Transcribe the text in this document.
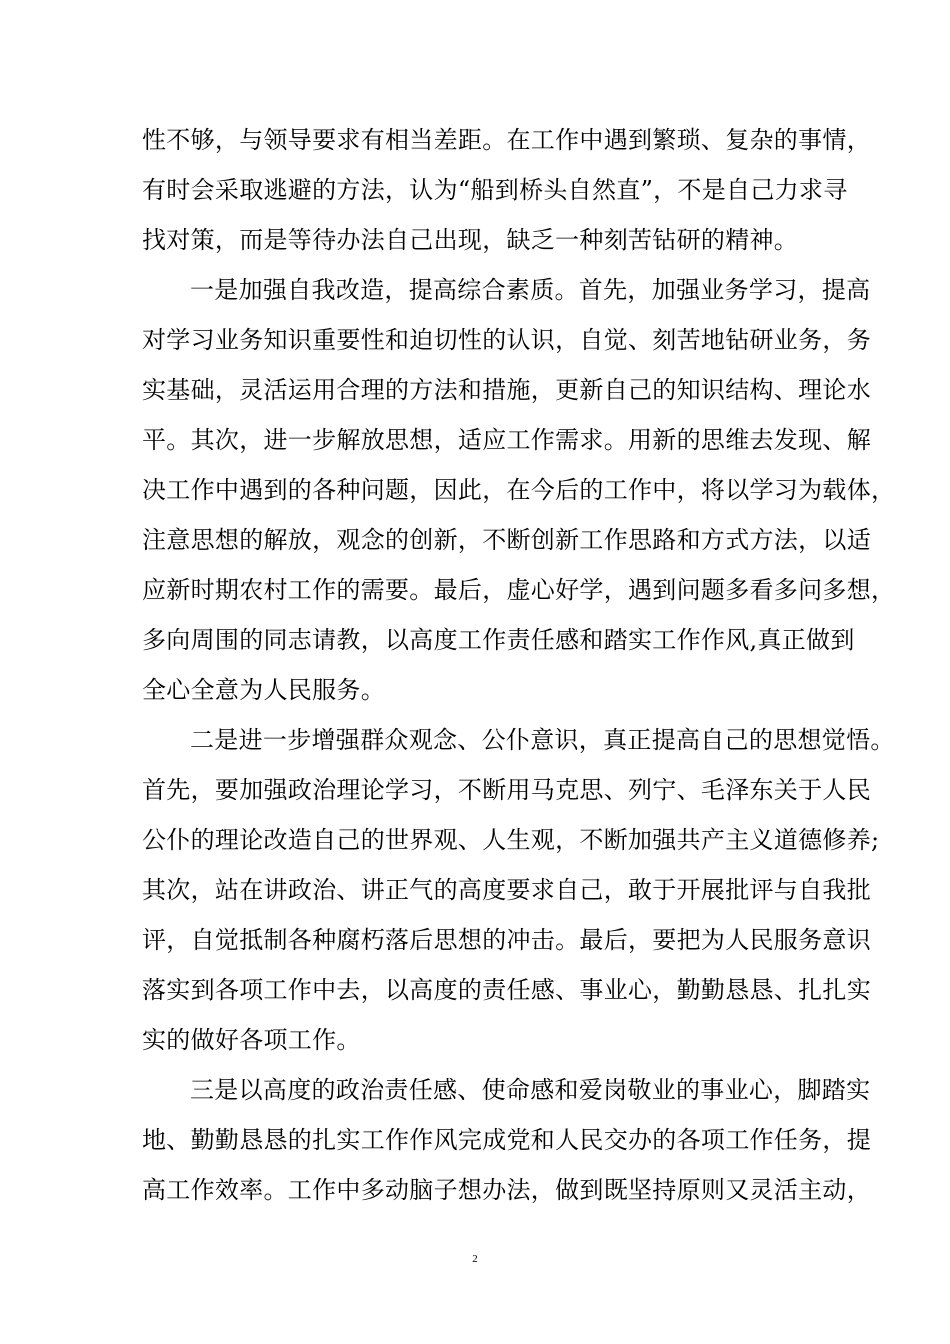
性不够，与领导要求有相当差距。在工作中遇到繁琐、复杂的事情，
有时会采取逃避的方法，认为“船到桥头自然直”，不是自己力求寻
找对策，而是等待办法自己出现，缺乏一种刻苦钻研的精神。
一是加强自我改造，提高综合素质。首先，加强业务学习，提高
对学习业务知识重要性和迫切性的认识，自觉、刻苦地钻研业务，务
实基础，灵活运用合理的方法和措施，更新自己的知识结构、理论水
平。其次，进一步解放思想，适应工作需求。用新的思维去发现、解
决工作中遇到的各种问题，因此，在今后的工作中，将以学习为载体，
注意思想的解放，观念的创新，不断创新工作思路和方式方法，以适
应新时期农村工作的需要。最后，虚心好学，遇到问题多看多问多想，
多向周围的同志请教，以高度工作责任感和踏实工作作风,真正做到
全心全意为人民服务。
二是进一步增强群众观念、公仆意识，真正提高自己的思想觉悟。
首先，要加强政治理论学习，不断用马克思、列宁、毛泽东关于人民
公仆的理论改造自己的世界观、人生观，不断加强共产主义道德修养;
其次，站在讲政治、讲正气的高度要求自己，敢于开展批评与自我批
评，自觉抵制各种腐朽落后思想的冲击。最后，要把为人民服务意识
落实到各项工作中去，以高度的责任感、事业心，勤勤恳恳、扎扎实
实的做好各项工作。
三是以高度的政治责任感、使命感和爱岗敬业的事业心，脚踏实
地、勤勤恳恳的扎实工作作风完成党和人民交办的各项工作任务，提
高工作效率。工作中多动脑子想办法，做到既坚持原则又灵活主动，
2
